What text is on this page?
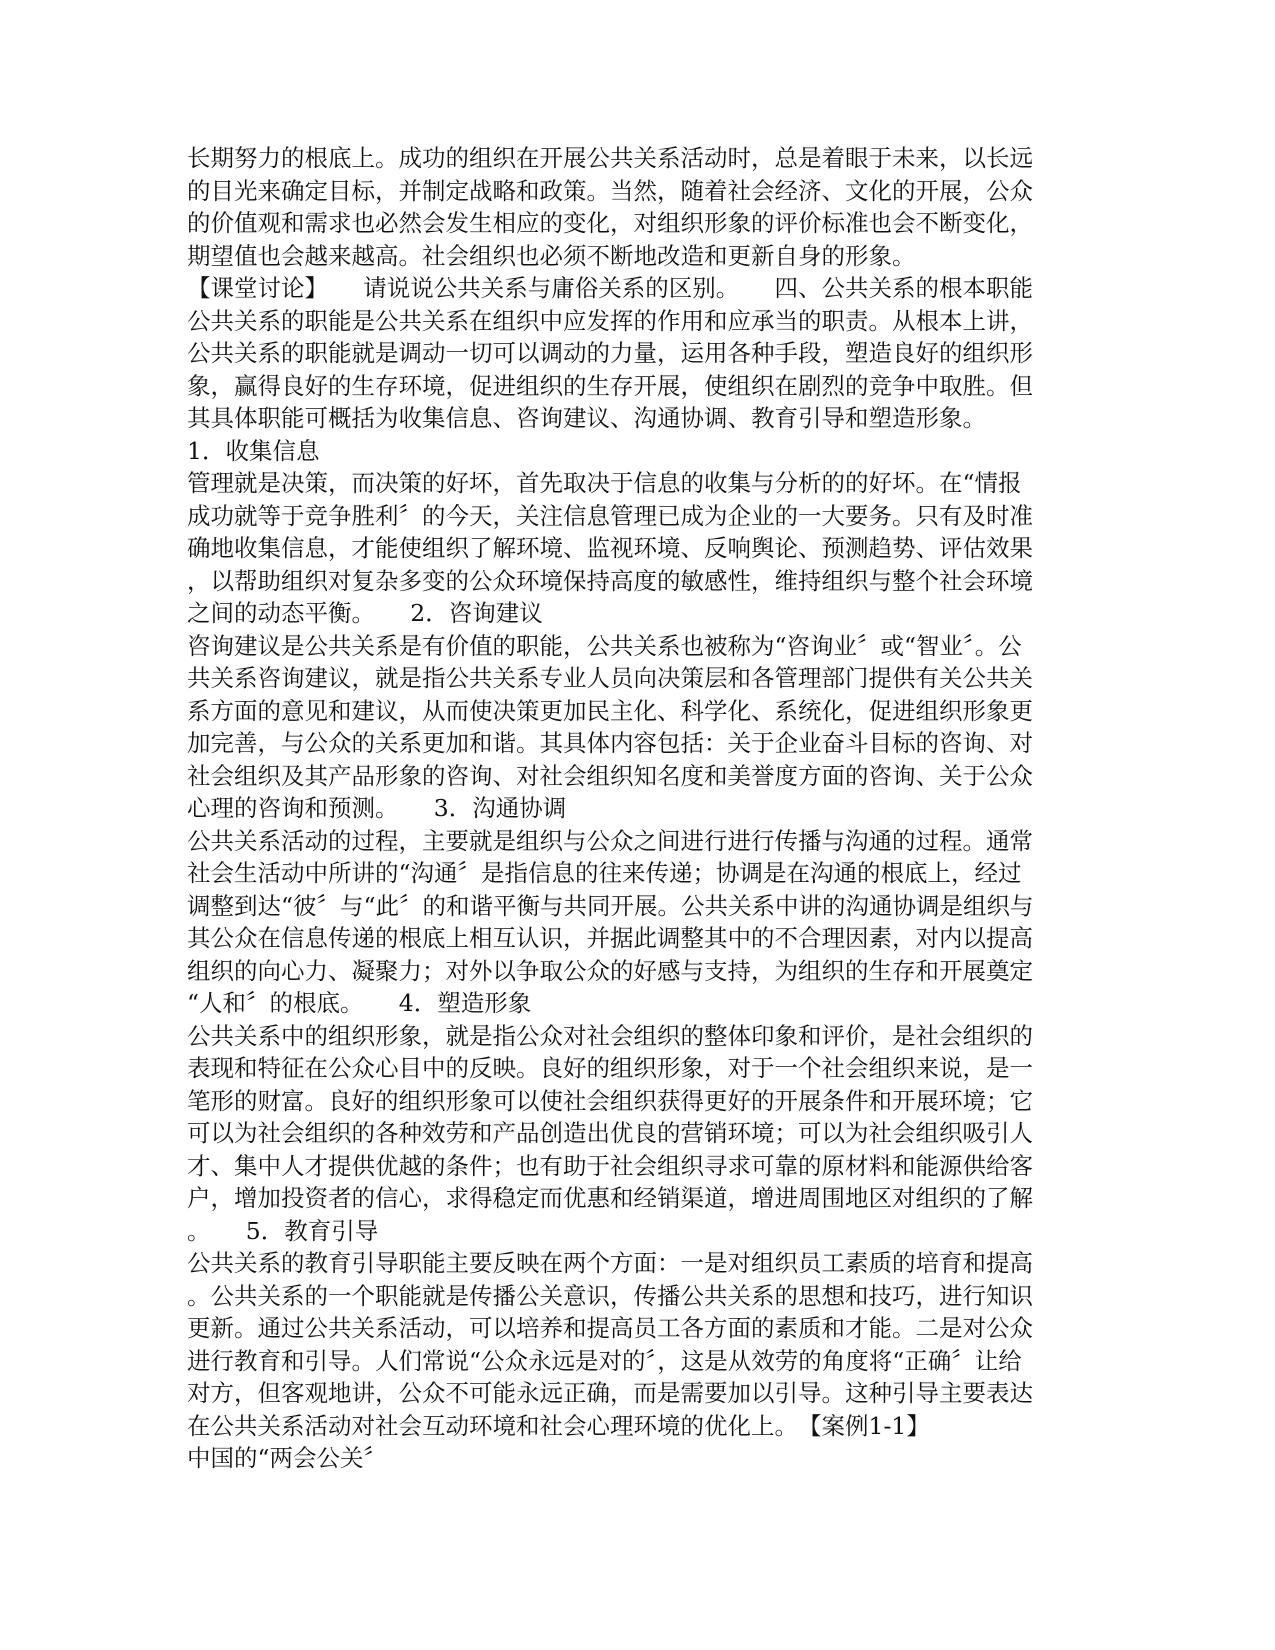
长期努力的根底上。成功的组织在开展公共关系活动时，总是着眼于未来，以长远
的目光来确定目标，并制定战略和政策。当然，随着社会经济、文化的开展，公众
的价值观和需求也必然会发生相应的变化，对组织形象的评价标准也会不断变化，
期望值也会越来越高。社会组织也必须不断地改造和更新自身的形象。
【课堂讨论】　　请说说公共关系与庸俗关系的区别。　　四、公共关系的根本职能
公共关系的职能是公共关系在组织中应发挥的作用和应承当的职责。从根本上讲，
公共关系的职能就是调动一切可以调动的力量，运用各种手段，塑造良好的组织形
象，赢得良好的生存环境，促进组织的生存开展，使组织在剧烈的竞争中取胜。但
其具体职能可概括为收集信息、咨询建议、沟通协调、教育引导和塑造形象。
1．收集信息
管理就是决策，而决策的好坏，首先取决于信息的收集与分析的的好坏。在“情报
成功就等于竞争胜利〞的今天，关注信息管理已成为企业的一大要务。只有及时准
确地收集信息，才能使组织了解环境、监视环境、反响舆论、预测趋势、评估效果
，以帮助组织对复杂多变的公众环境保持高度的敏感性，维持组织与整个社会环境
之间的动态平衡。　　2．咨询建议
咨询建议是公共关系是有价值的职能，公共关系也被称为“咨询业〞或“智业〞。公
共关系咨询建议，就是指公共关系专业人员向决策层和各管理部门提供有关公共关
系方面的意见和建议，从而使决策更加民主化、科学化、系统化，促进组织形象更
加完善，与公众的关系更加和谐。其具体内容包括：关于企业奋斗目标的咨询、对
社会组织及其产品形象的咨询、对社会组织知名度和美誉度方面的咨询、关于公众
心理的咨询和预测。　　3．沟通协调
公共关系活动的过程，主要就是组织与公众之间进行进行传播与沟通的过程。通常
社会生活动中所讲的“沟通〞是指信息的往来传递；协调是在沟通的根底上，经过
调整到达“彼〞与“此〞的和谐平衡与共同开展。公共关系中讲的沟通协调是组织与
其公众在信息传递的根底上相互认识，并据此调整其中的不合理因素，对内以提高
组织的向心力、凝聚力；对外以争取公众的好感与支持，为组织的生存和开展奠定
“人和〞的根底。　　4．塑造形象
公共关系中的组织形象，就是指公众对社会组织的整体印象和评价，是社会组织的
表现和特征在公众心目中的反映。良好的组织形象，对于一个社会组织来说，是一
笔形的财富。良好的组织形象可以使社会组织获得更好的开展条件和开展环境；它
可以为社会组织的各种效劳和产品创造出优良的营销环境；可以为社会组织吸引人
才、集中人才提供优越的条件；也有助于社会组织寻求可靠的原材料和能源供给客
户，增加投资者的信心，求得稳定而优惠和经销渠道，增进周围地区对组织的了解
。　　5．教育引导
公共关系的教育引导职能主要反映在两个方面：一是对组织员工素质的培育和提高
。公共关系的一个职能就是传播公关意识，传播公共关系的思想和技巧，进行知识
更新。通过公共关系活动，可以培养和提高员工各方面的素质和才能。二是对公众
进行教育和引导。人们常说“公众永远是对的〞，这是从效劳的角度将“正确〞让给
对方，但客观地讲，公众不可能永远正确，而是需要加以引导。这种引导主要表达
在公共关系活动对社会互动环境和社会心理环境的优化上。　【案例1-1】
中国的“两会公关〞
